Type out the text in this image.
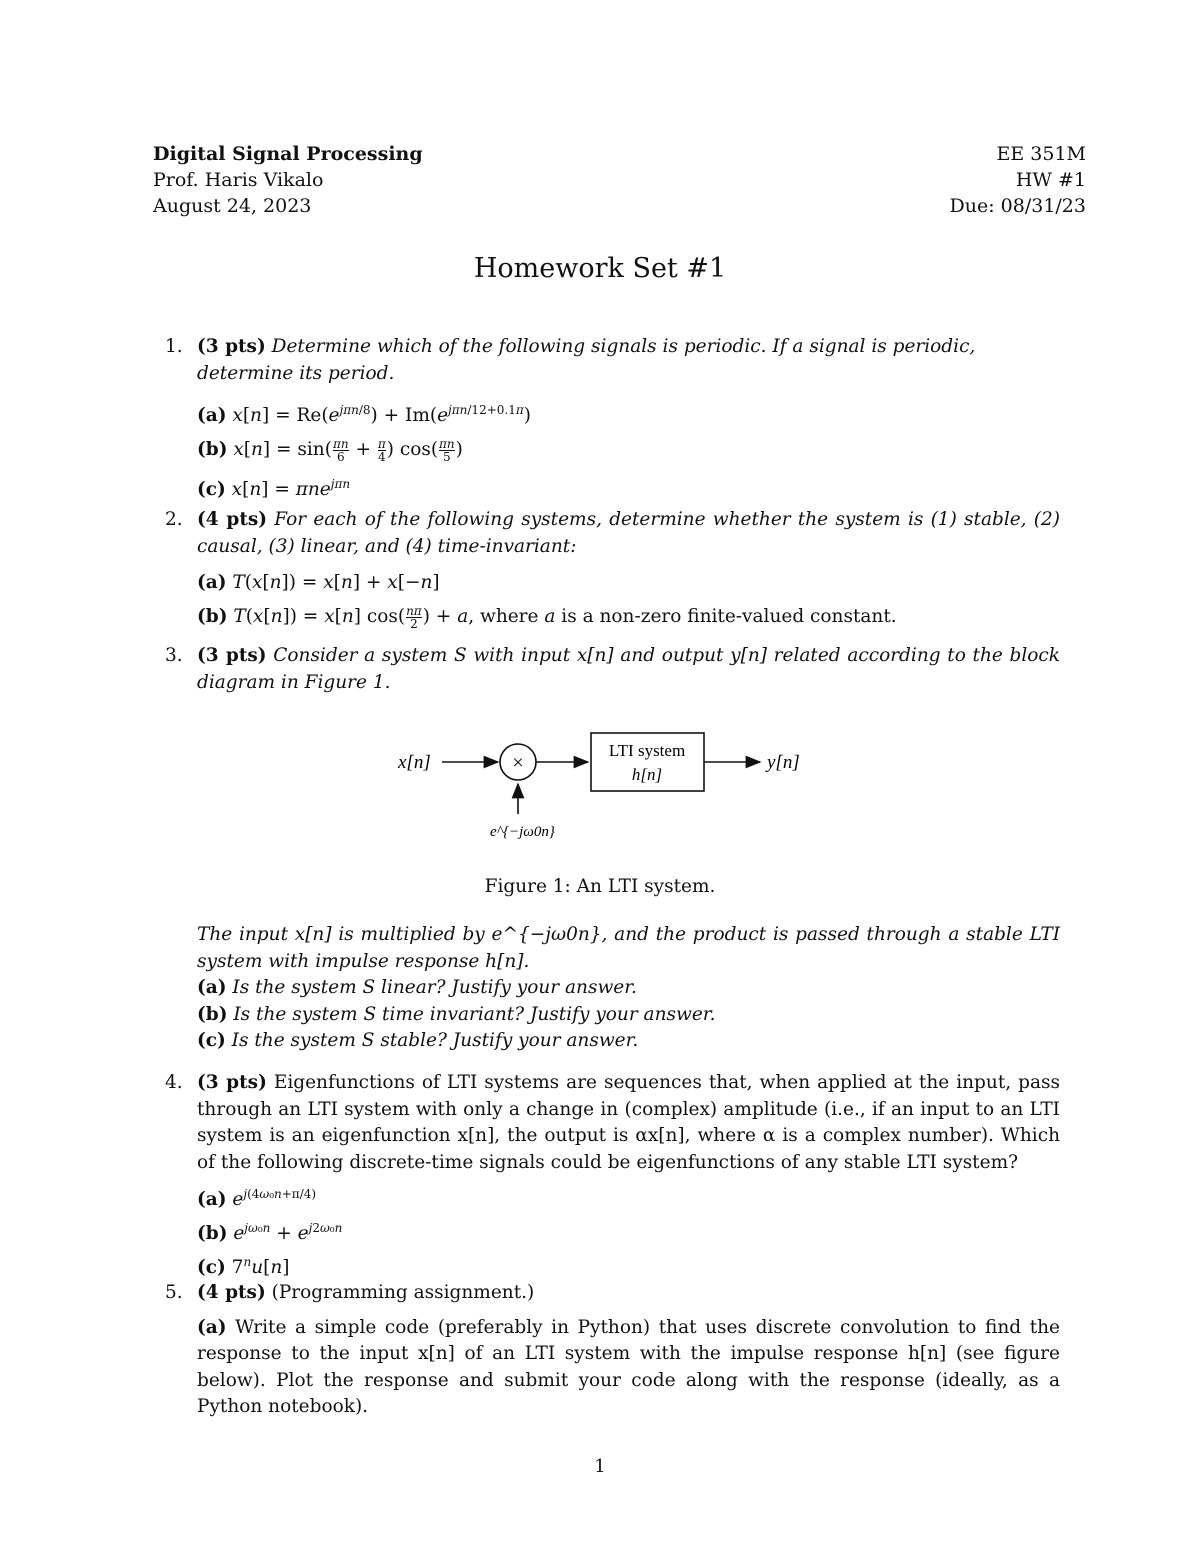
Digital Signal Processing
Prof. Haris Vikalo
August 24, 2023
EE 351M
HW #1
Due: 08/31/23
Homework Set #1
1. (3 pts) Determine which of the following signals is periodic. If a signal is periodic, determine its period.
(a) $x[n] = Re(e^{j\pi n/8}) + Im(e^{j\pi n/12+0.1\pi})$
(b) $x[n] = \sin( \frac{\pi n}{6} + \frac{\pi}{4}$ ) $\cos( \frac{\pi n}{5}$ )
(c) x[n] = πne$^{j\pi n}$
2. (4 pts) For each of the following systems, determine whether the system is (1) stable, (2) causal, (3) linear, and (4) time-invariant:
(a) T(x[n]) = x[n] + x[−n]
(b) T(x[n]) = x[n] $\cos( \frac{n\pi}{2}$ ) + a, where a is a non-zero finite-valued constant.
3. (3 pts) Consider a system S with input x[n] and output y[n] related according to the block diagram in Figure 1.
x[n]	×
LTI system
h[n]
y[n]
e^{−jω0n}
Figure 1: An LTI system.
The input x[n] is multiplied by e^{−jω0n}, and the product is passed through a stable LTI system with impulse response h[n].
(a) Is the system S linear? Justify your answer.
(b) Is the system S time invariant? Justify your answer.
(c) Is the system S stable? Justify your answer.
4. (3 pts) Eigenfunctions of LTI systems are sequences that, when applied at the input, pass through an LTI system with only a change in (complex) amplitude (i.e., if an input to an LTI system is an eigenfunction x[n], the output is αx[n], where α is a complex number). Which of the following discrete-time signals could be eigenfunctions of any stable LTI system?
(a) $e^{j(4\omega_0n+\pi/4)}$
(b) $e^{j\omega_0n} + e^{j2\omega_0n}$
(c) 7$^n$u[n]
5. (4 pts) (Programming assignment.)
(a) Write a simple code (preferably in Python) that uses discrete convolution to find the response to the input x[n] of an LTI system with the impulse response h[n] (see figure below). Plot the response and submit your code along with the response (ideally, as a Python notebook).
1
